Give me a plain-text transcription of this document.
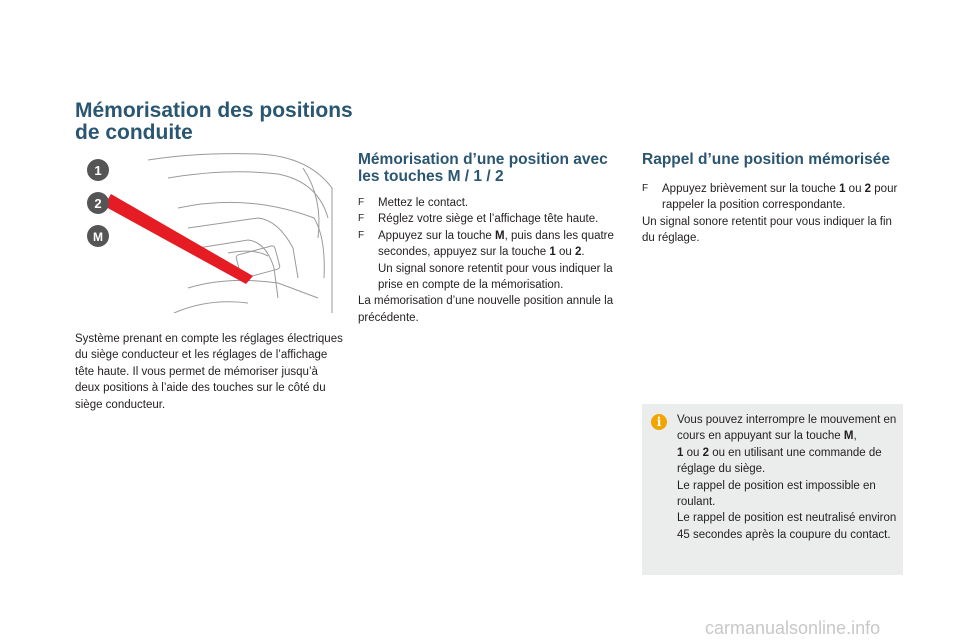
Mémorisation des positions de conduite
1
2
M
Système prenant en compte les réglages électriques du siège conducteur et les réglages de l’affichage tête haute. Il vous permet de mémoriser jusqu’à deux positions à l’aide des touches sur le côté du siège conducteur.
Mémorisation d’une position avec les touches M / 1 / 2
F	Mettez le contact.
F	Réglez votre siège et l’affichage tête haute.
F	Appuyez sur la touche M, puis dans les quatre secondes, appuyez sur la touche 1 ou 2.
Un signal sonore retentit pour vous indiquer la prise en compte de la mémorisation.
La mémorisation d’une nouvelle position annule la précédente.
Rappel d’une position mémorisée
F	Appuyez brièvement sur la touche 1 ou 2 pour rappeler la position correspondante.
Un signal sonore retentit pour vous indiquer la fin du réglage.
i	Vous pouvez interrompre le mouvement en cours en appuyant sur la touche M,
1 ou 2 ou en utilisant une commande de réglage du siège.
Le rappel de position est impossible en roulant.
Le rappel de position est neutralisé environ 45 secondes après la coupure du contact.
carmanualsonline.info
